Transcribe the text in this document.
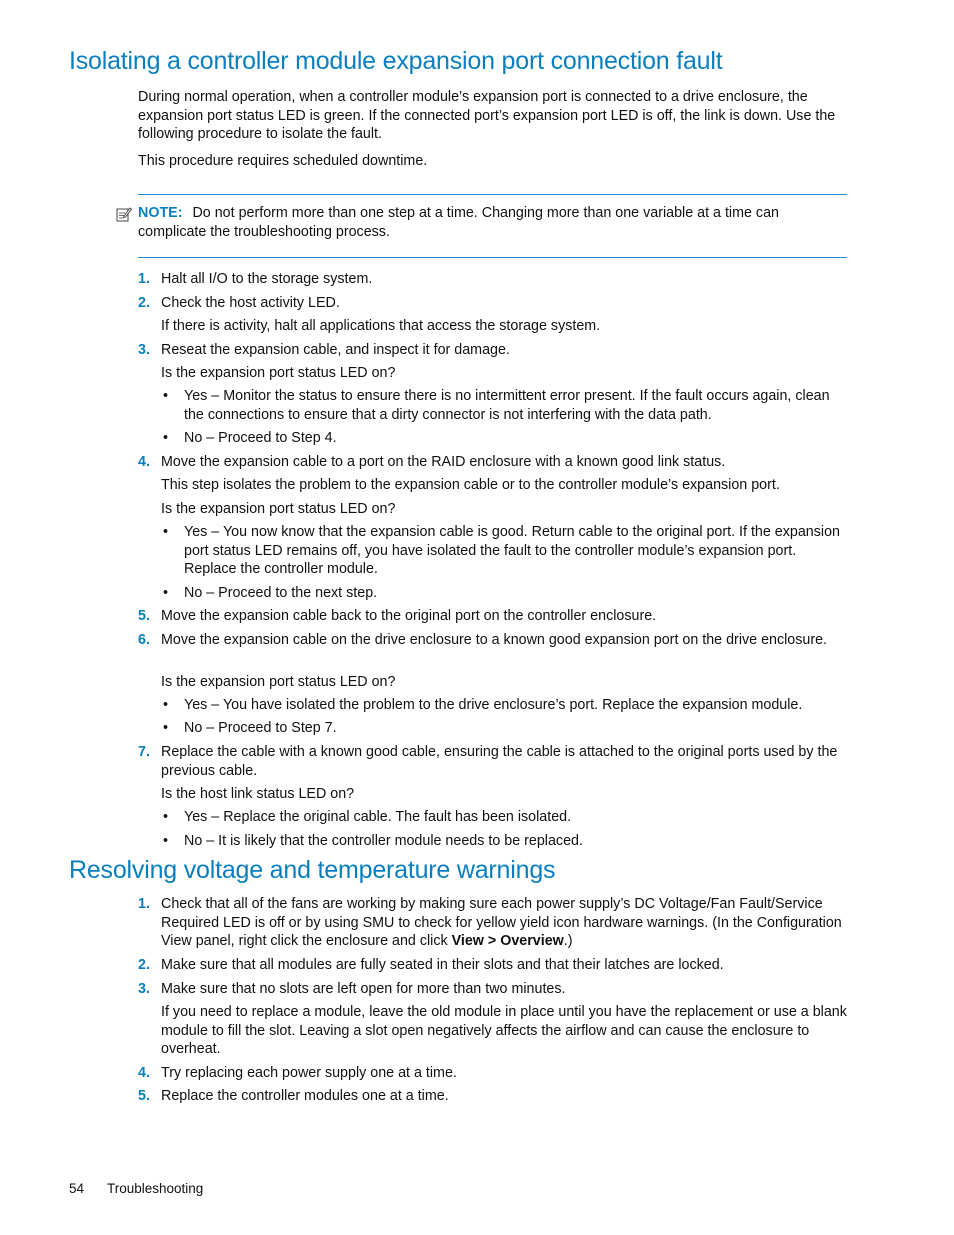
Isolating a controller module expansion port connection fault

During normal operation, when a controller module’s expansion port is connected to a drive enclosure, the expansion port status LED is green. If the connected port’s expansion port LED is off, the link is down. Use the following procedure to isolate the fault.

This procedure requires scheduled downtime.

NOTE: Do not perform more than one step at a time. Changing more than one variable at a time can complicate the troubleshooting process.

1. Halt all I/O to the storage system.

2. Check the host activity LED.

If there is activity, halt all applications that access the storage system.

3. Reseat the expansion cable, and inspect it for damage.

Is the expansion port status LED on?

• Yes – Monitor the status to ensure there is no intermittent error present. If the fault occurs again, clean the connections to ensure that a dirty connector is not interfering with the data path.

• No – Proceed to Step 4.

4. Move the expansion cable to a port on the RAID enclosure with a known good link status.

This step isolates the problem to the expansion cable or to the controller module’s expansion port.

Is the expansion port status LED on?

• Yes – You now know that the expansion cable is good. Return cable to the original port. If the expansion port status LED remains off, you have isolated the fault to the controller module’s expansion port. Replace the controller module.

• No – Proceed to the next step.

5. Move the expansion cable back to the original port on the controller enclosure.

6. Move the expansion cable on the drive enclosure to a known good expansion port on the drive enclosure.

Is the expansion port status LED on?

• Yes – You have isolated the problem to the drive enclosure’s port. Replace the expansion module.

• No – Proceed to Step 7.

7. Replace the cable with a known good cable, ensuring the cable is attached to the original ports used by the previous cable.

Is the host link status LED on?

• Yes – Replace the original cable. The fault has been isolated.

• No – It is likely that the controller module needs to be replaced.

Resolving voltage and temperature warnings
1. Check that all of the fans are working by making sure each power supply’s DC Voltage/Fan Fault/Service Required LED is off or by using SMU to check for yellow yield icon hardware warnings. (In the Configuration View panel, right click the enclosure and click View > Overview.)

2. Make sure that all modules are fully seated in their slots and that their latches are locked.

3. Make sure that no slots are left open for more than two minutes.

If you need to replace a module, leave the old module in place until you have the replacement or use a blank module to fill the slot. Leaving a slot open negatively affects the airflow and can cause the enclosure to overheat.

4. Try replacing each power supply one at a time.

5. Replace the controller modules one at a time.

54 Troubleshooting
